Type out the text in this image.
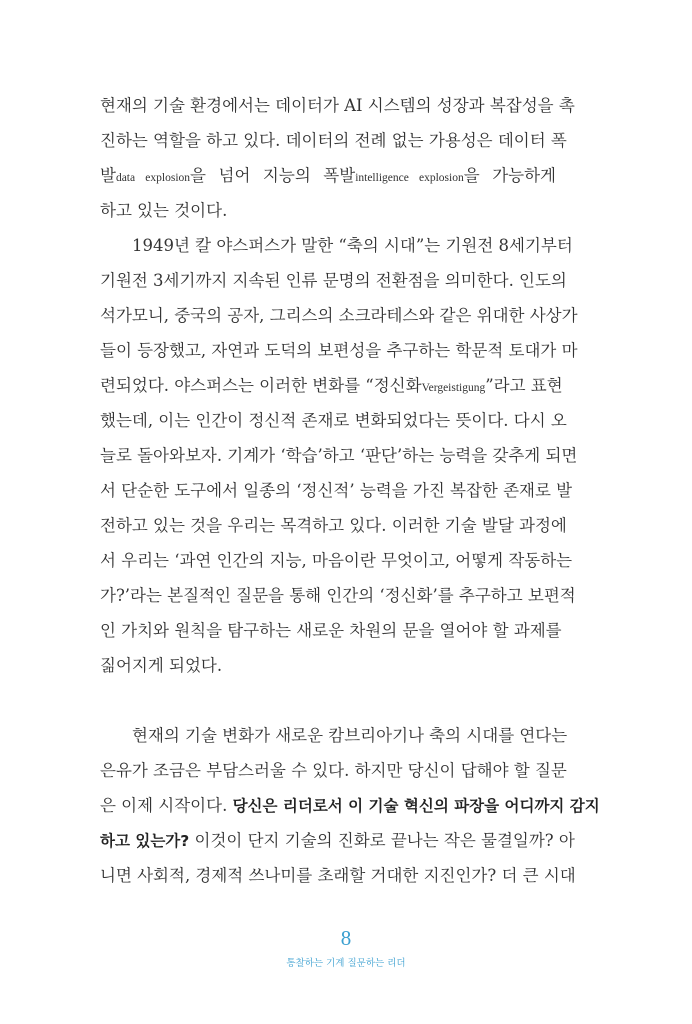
현재의 기술 환경에서는 데이터가 AI 시스템의 성장과 복잡성을 촉
진하는 역할을 하고 있다. 데이터의 전례 없는 가용성은 데이터 폭
발data explosion을 넘어 지능의 폭발intelligence explosion을 가능하게
하고 있는 것이다.
1949년 칼 야스퍼스가 말한 “축의 시대”는 기원전 8세기부터
기원전 3세기까지 지속된 인류 문명의 전환점을 의미한다. 인도의
석가모니, 중국의 공자, 그리스의 소크라테스와 같은 위대한 사상가
들이 등장했고, 자연과 도덕의 보편성을 추구하는 학문적 토대가 마
련되었다. 야스퍼스는 이러한 변화를 “정신화Vergeistigung”라고 표현
했는데, 이는 인간이 정신적 존재로 변화되었다는 뜻이다. 다시 오
늘로 돌아와보자. 기계가 ‘학습’하고 ‘판단’하는 능력을 갖추게 되면
서 단순한 도구에서 일종의 ‘정신적’ 능력을 가진 복잡한 존재로 발
전하고 있는 것을 우리는 목격하고 있다. 이러한 기술 발달 과정에
서 우리는 ‘과연 인간의 지능, 마음이란 무엇이고, 어떻게 작동하는
가?’라는 본질적인 질문을 통해 인간의 ‘정신화’를 추구하고 보편적
인 가치와 원칙을 탐구하는 새로운 차원의 문을 열어야 할 과제를
짊어지게 되었다.
현재의 기술 변화가 새로운 캄브리아기나 축의 시대를 연다는
은유가 조금은 부담스러울 수 있다. 하지만 당신이 답해야 할 질문
은 이제 시작이다. 당신은 리더로서 이 기술 혁신의 파장을 어디까지 감지
하고 있는가? 이것이 단지 기술의 진화로 끝나는 작은 물결일까? 아
니면 사회적, 경제적 쓰나미를 초래할 거대한 지진인가? 더 큰 시대
8
통찰하는 기계 질문하는 리더
